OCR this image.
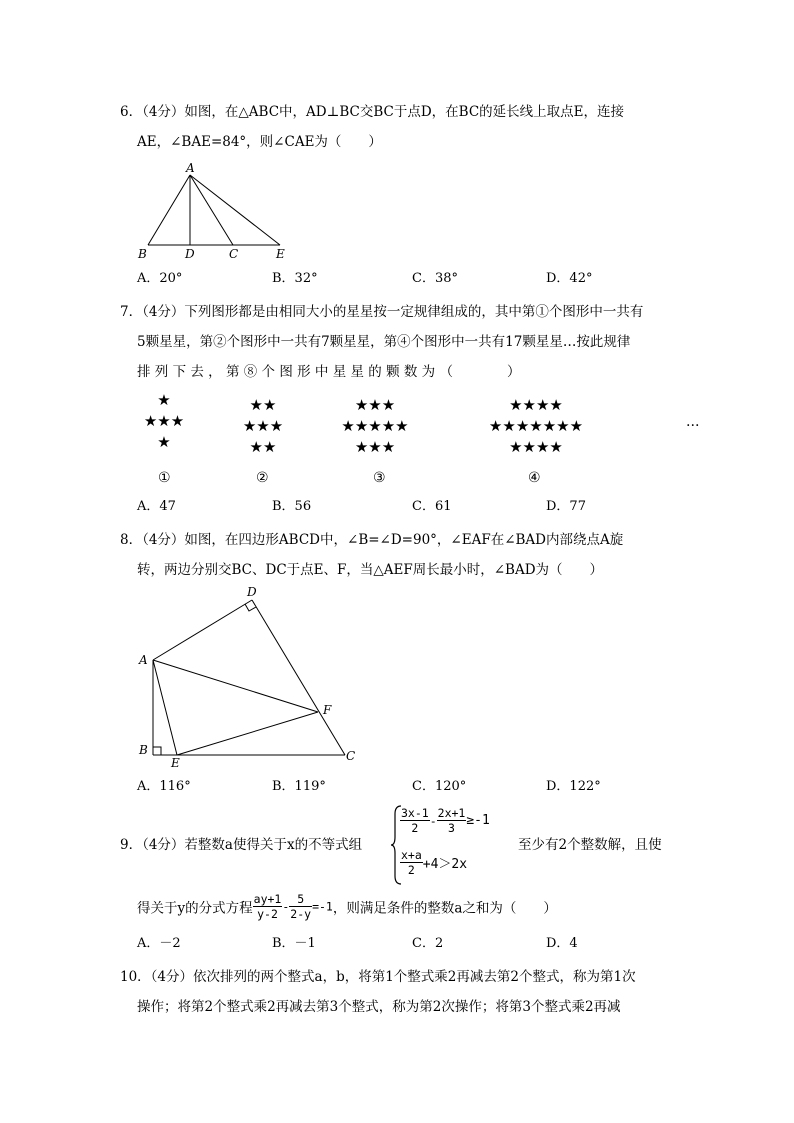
6．（4分）如图，在△ABC中，AD⊥BC交BC于点D，在BC的延长线上取点E，连接
AE，∠BAE=84°，则∠CAE为（　　）
A
B	D	C	E
A．20°	B．32°	C．38°	D．42°
7．（4分）下列图形都是由相同大小的星星按一定规律组成的，其中第①个图形中一共有
5颗星星，第②个图形中一共有7颗星星，第④个图形中一共有17颗星星…按此规律
排 列 下 去 ， 第 ⑧ 个 图 形 中 星 星 的 颗 数 为 （　　　　）
★
★★★
★
★★
★★★
★★
★★★
★★★★★
★★★
★★★★
★★★★★★★
★★★★
…
①	②	③	④
A．47	B．56	C．61	D．77
8．（4分）如图，在四边形ABCD中，∠B=∠D=90°，∠EAF在∠BAD内部绕点A旋
转，两边分别交BC、DC于点E、F，当△AEF周长最小时，∠BAD为（　　）
D
A
F
B
E	C
A．116°	B．119°	C．120°	D．122°
9．（4分）若整数a使得关于x的不等式组
$\frac{3x-1}{2} - \frac{2x+1}{3} \ge-1$
$\frac{x+a}{2} +4>2x$
至少有2个整数解，且使
得关于y的分式方程 $\frac{ay+1}{y-2} - \frac{5}{2-y} =-1$，则满足条件的整数a之和为（　　）
A．－2	B．－1	C．2	D．4
10．（4分）依次排列的两个整式a，b，将第1个整式乘2再减去第2个整式，称为第1次
操作；将第2个整式乘2再减去第3个整式，称为第2次操作；将第3个整式乘2再减
